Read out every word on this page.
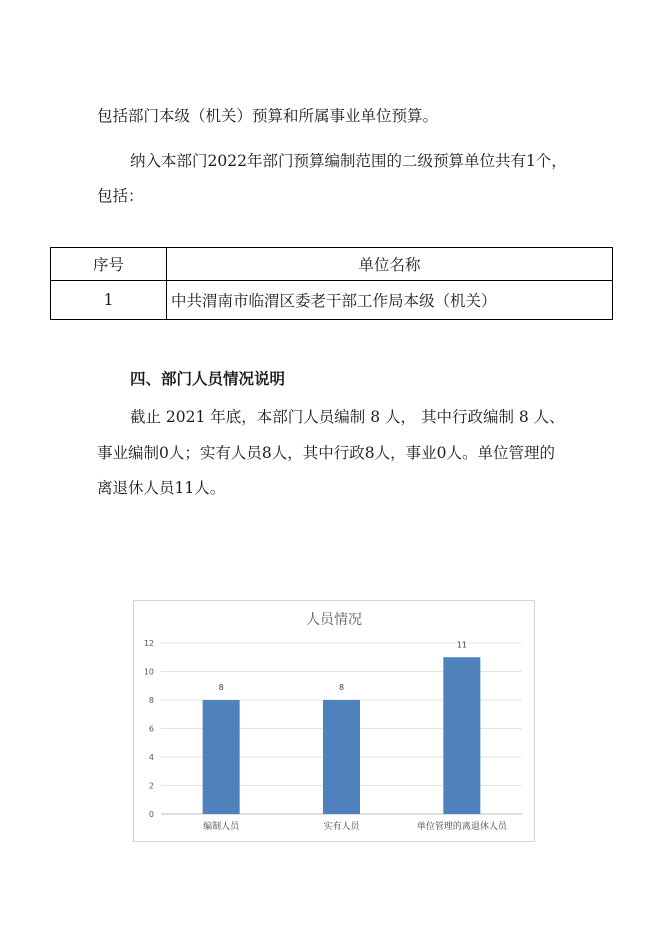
包括部门本级（机关）预算和所属事业单位预算。
纳入本部门2022年部门预算编制范围的二级预算单位共有1个，
包括：
序号	单位名称
1	中共渭南市临渭区委老干部工作局本级（机关）
四、部门人员情况说明
截止 2021 年底，本部门人员编制 8 人， 其中行政编制 8 人、
事业编制0人；实有人员8人，其中行政8人，事业0人。单位管理的
离退休人员11人。
人员情况
0
2
4
6
8
10
12
8
编制人员
8
实有人员
11
单位管理的离退休人员
